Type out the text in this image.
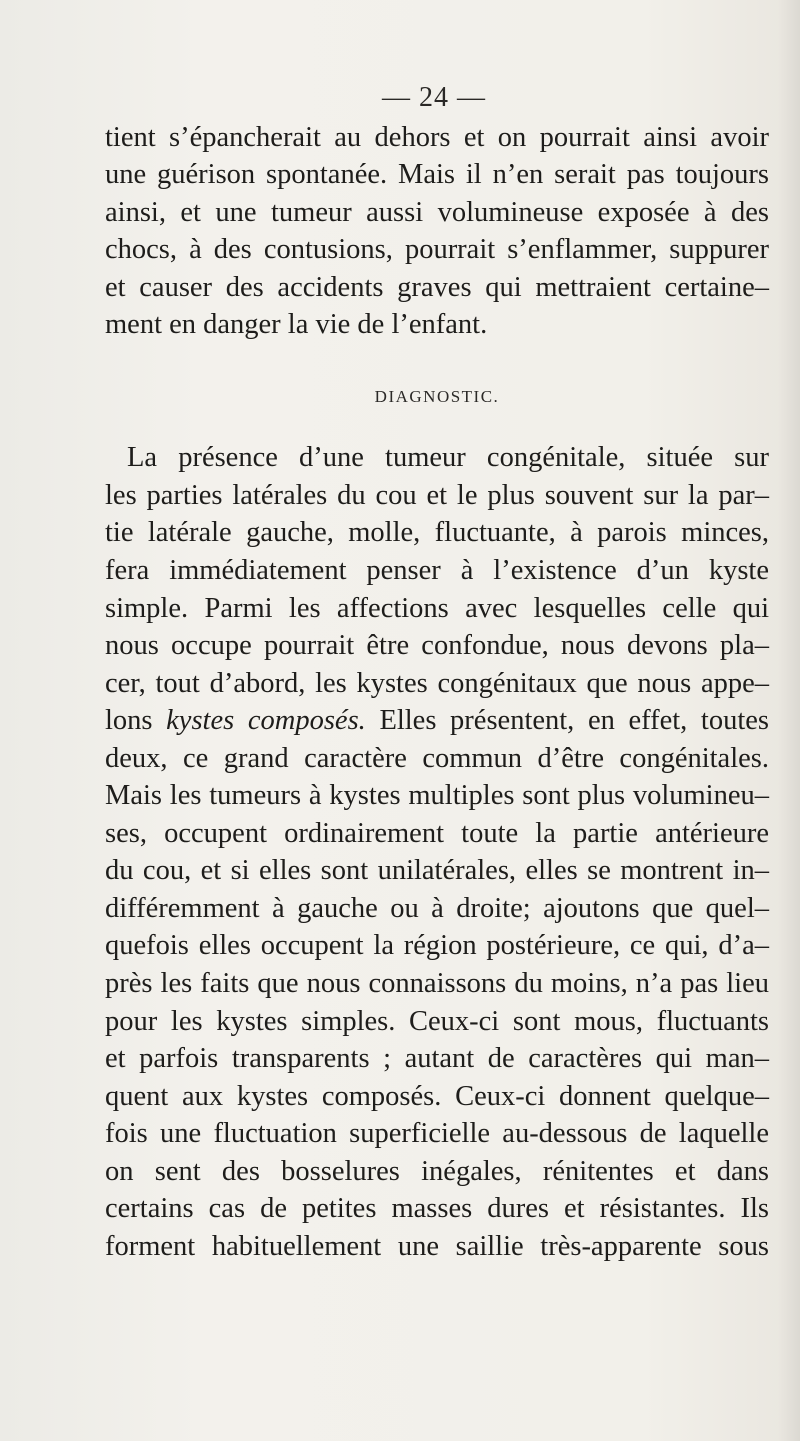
— 24 —
tient s’épancherait au dehors et on pourrait ainsi avoir
une guérison spontanée. Mais il n’en serait pas toujours
ainsi, et une tumeur aussi volumineuse exposée à des
chocs, à des contusions, pourrait s’enflammer, suppurer
et causer des accidents graves qui mettraient certaine–
ment en danger la vie de l’enfant.
DIAGNOSTIC.
La présence d’une tumeur congénitale, située sur
les parties latérales du cou et le plus souvent sur la par–
tie latérale gauche, molle, fluctuante, à parois minces,
fera immédiatement penser à l’existence d’un kyste
simple. Parmi les affections avec lesquelles celle qui
nous occupe pourrait être confondue, nous devons pla–
cer, tout d’abord, les kystes congénitaux que nous appe–
lons kystes composés. Elles présentent, en effet, toutes
deux, ce grand caractère commun d’être congénitales.
Mais les tumeurs à kystes multiples sont plus volumineu–
ses, occupent ordinairement toute la partie antérieure
du cou, et si elles sont unilatérales, elles se montrent in–
différemment à gauche ou à droite; ajoutons que quel–
quefois elles occupent la région postérieure, ce qui, d’a–
près les faits que nous connaissons du moins, n’a pas lieu
pour les kystes simples. Ceux-ci sont mous, fluctuants
et parfois transparents ; autant de caractères qui man–
quent aux kystes composés. Ceux-ci donnent quelque–
fois une fluctuation superficielle au-dessous de laquelle
on sent des bosselures inégales, rénitentes et dans
certains cas de petites masses dures et résistantes. Ils
forment habituellement une saillie très-apparente sous
